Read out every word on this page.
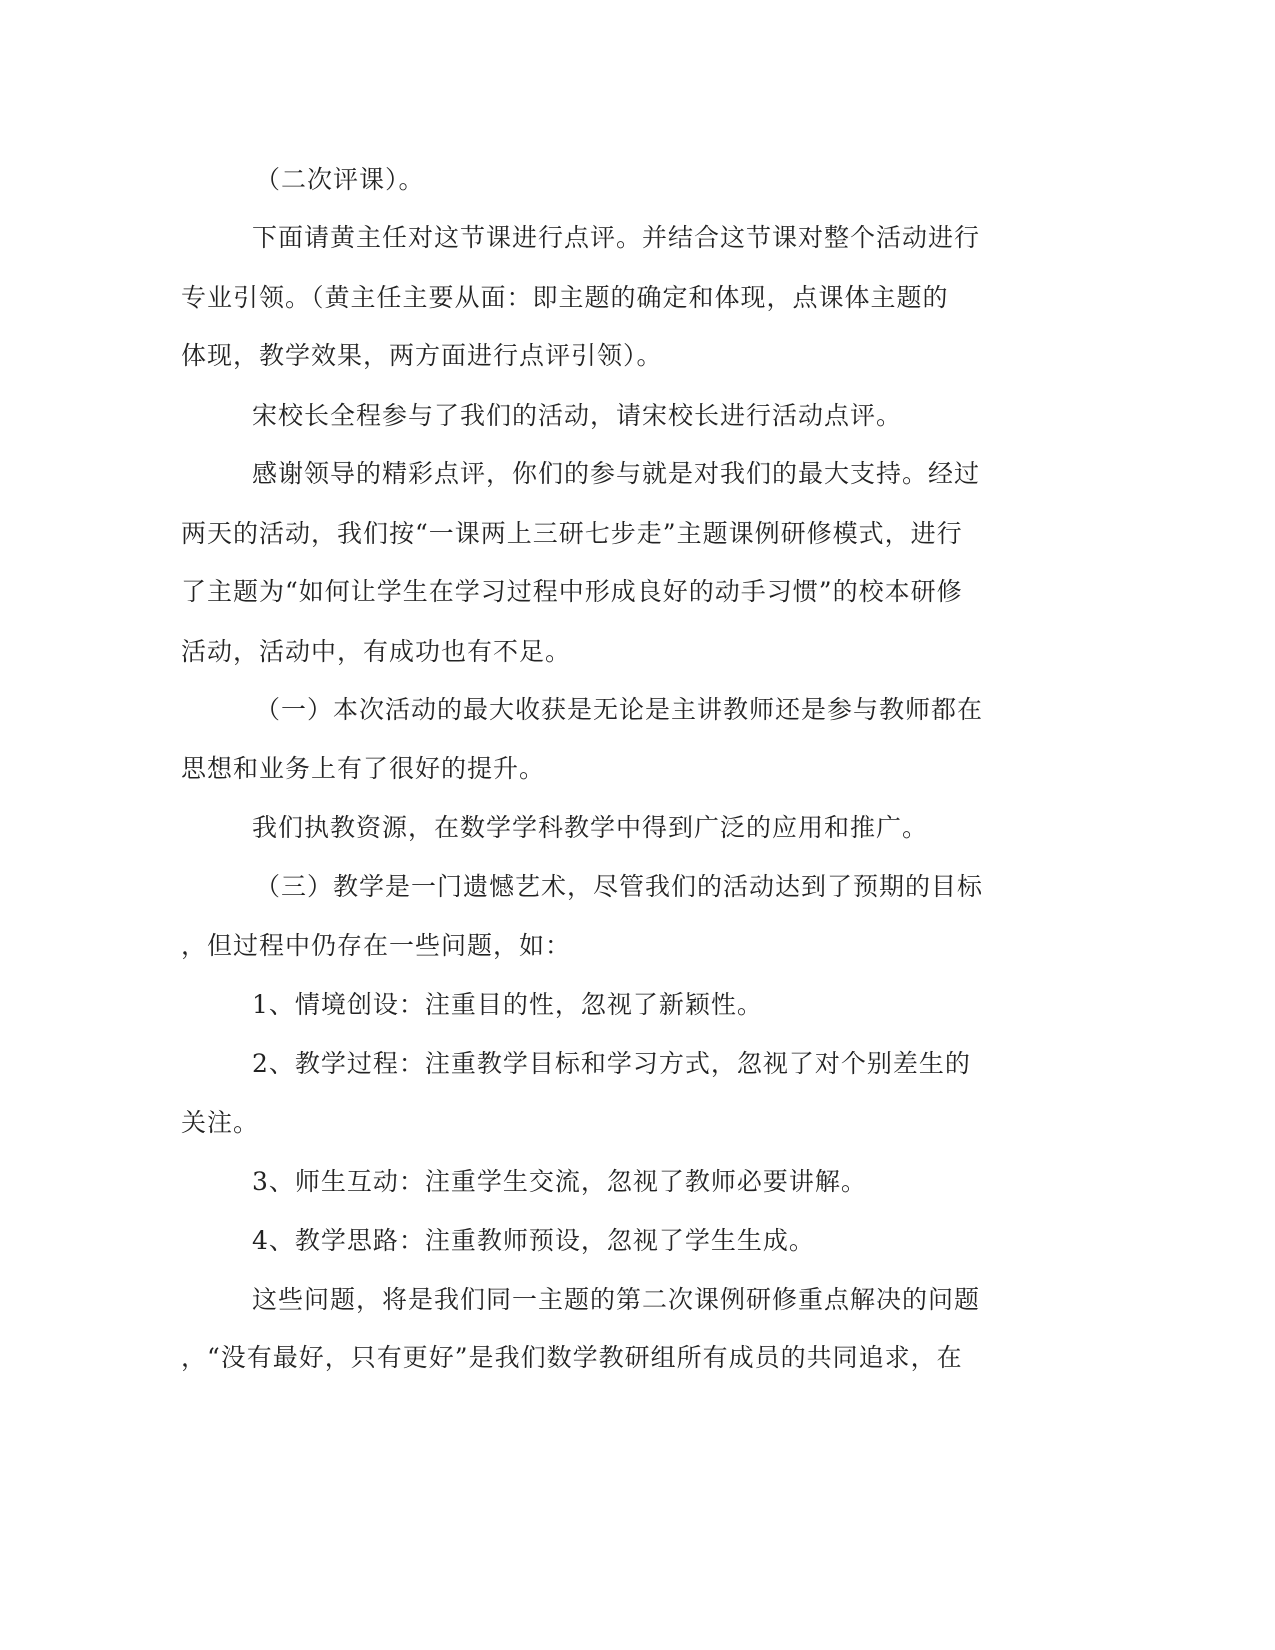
（二次评课）。
下面请黄主任对这节课进行点评。并结合这节课对整个活动进行
专业引领。（黄主任主要从面：即主题的确定和体现，点课体主题的
体现，教学效果，两方面进行点评引领）。
宋校长全程参与了我们的活动，请宋校长进行活动点评。
感谢领导的精彩点评，你们的参与就是对我们的最大支持。经过
两天的活动，我们按“一课两上三研七步走”主题课例研修模式，进行
了主题为“如何让学生在学习过程中形成良好的动手习惯”的校本研修
活动，活动中，有成功也有不足。
（一）本次活动的最大收获是无论是主讲教师还是参与教师都在
思想和业务上有了很好的提升。
我们执教资源，在数学学科教学中得到广泛的应用和推广。
（三）教学是一门遗憾艺术，尽管我们的活动达到了预期的目标
，但过程中仍存在一些问题，如：
1、情境创设：注重目的性，忽视了新颖性。
2、教学过程：注重教学目标和学习方式，忽视了对个别差生的
关注。
3、师生互动：注重学生交流，忽视了教师必要讲解。
4、教学思路：注重教师预设，忽视了学生生成。
这些问题，将是我们同一主题的第二次课例研修重点解决的问题
，“没有最好，只有更好”是我们数学教研组所有成员的共同追求，在
